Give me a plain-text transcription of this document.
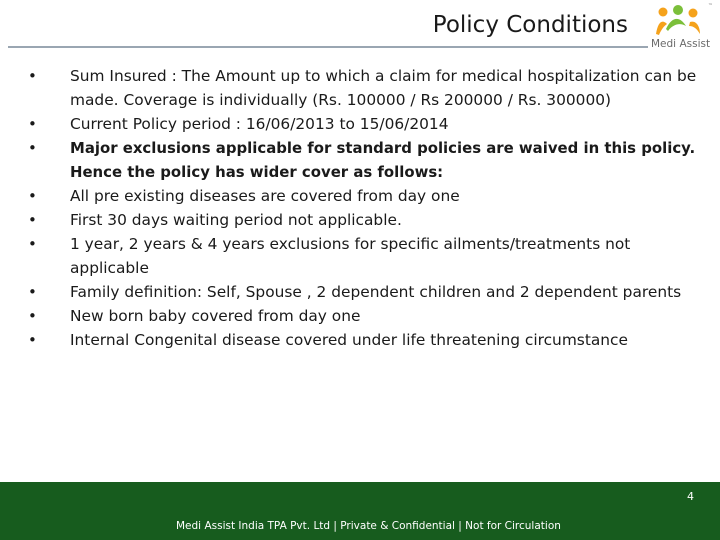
Policy Conditions
™
Medi Assist
• Sum Insured : The Amount up to which a claim for medical hospitalization can be made. Coverage is individually (Rs. 100000 / Rs 200000 / Rs. 300000)
• Current Policy period : 16/06/2013 to 15/06/2014
• Major exclusions applicable for standard policies are waived in this policy. Hence the policy has wider cover as follows:
• All pre existing diseases are covered from day one
• First 30 days waiting period not applicable.
• 1 year, 2 years & 4 years exclusions for specific ailments/treatments not applicable
• Family definition: Self, Spouse , 2 dependent children and 2 dependent parents
• New born baby covered from day one
• Internal Congenital disease covered under life threatening circumstance
Medi Assist India TPA Pvt. Ltd | Private & Confidential | Not for Circulation
4
